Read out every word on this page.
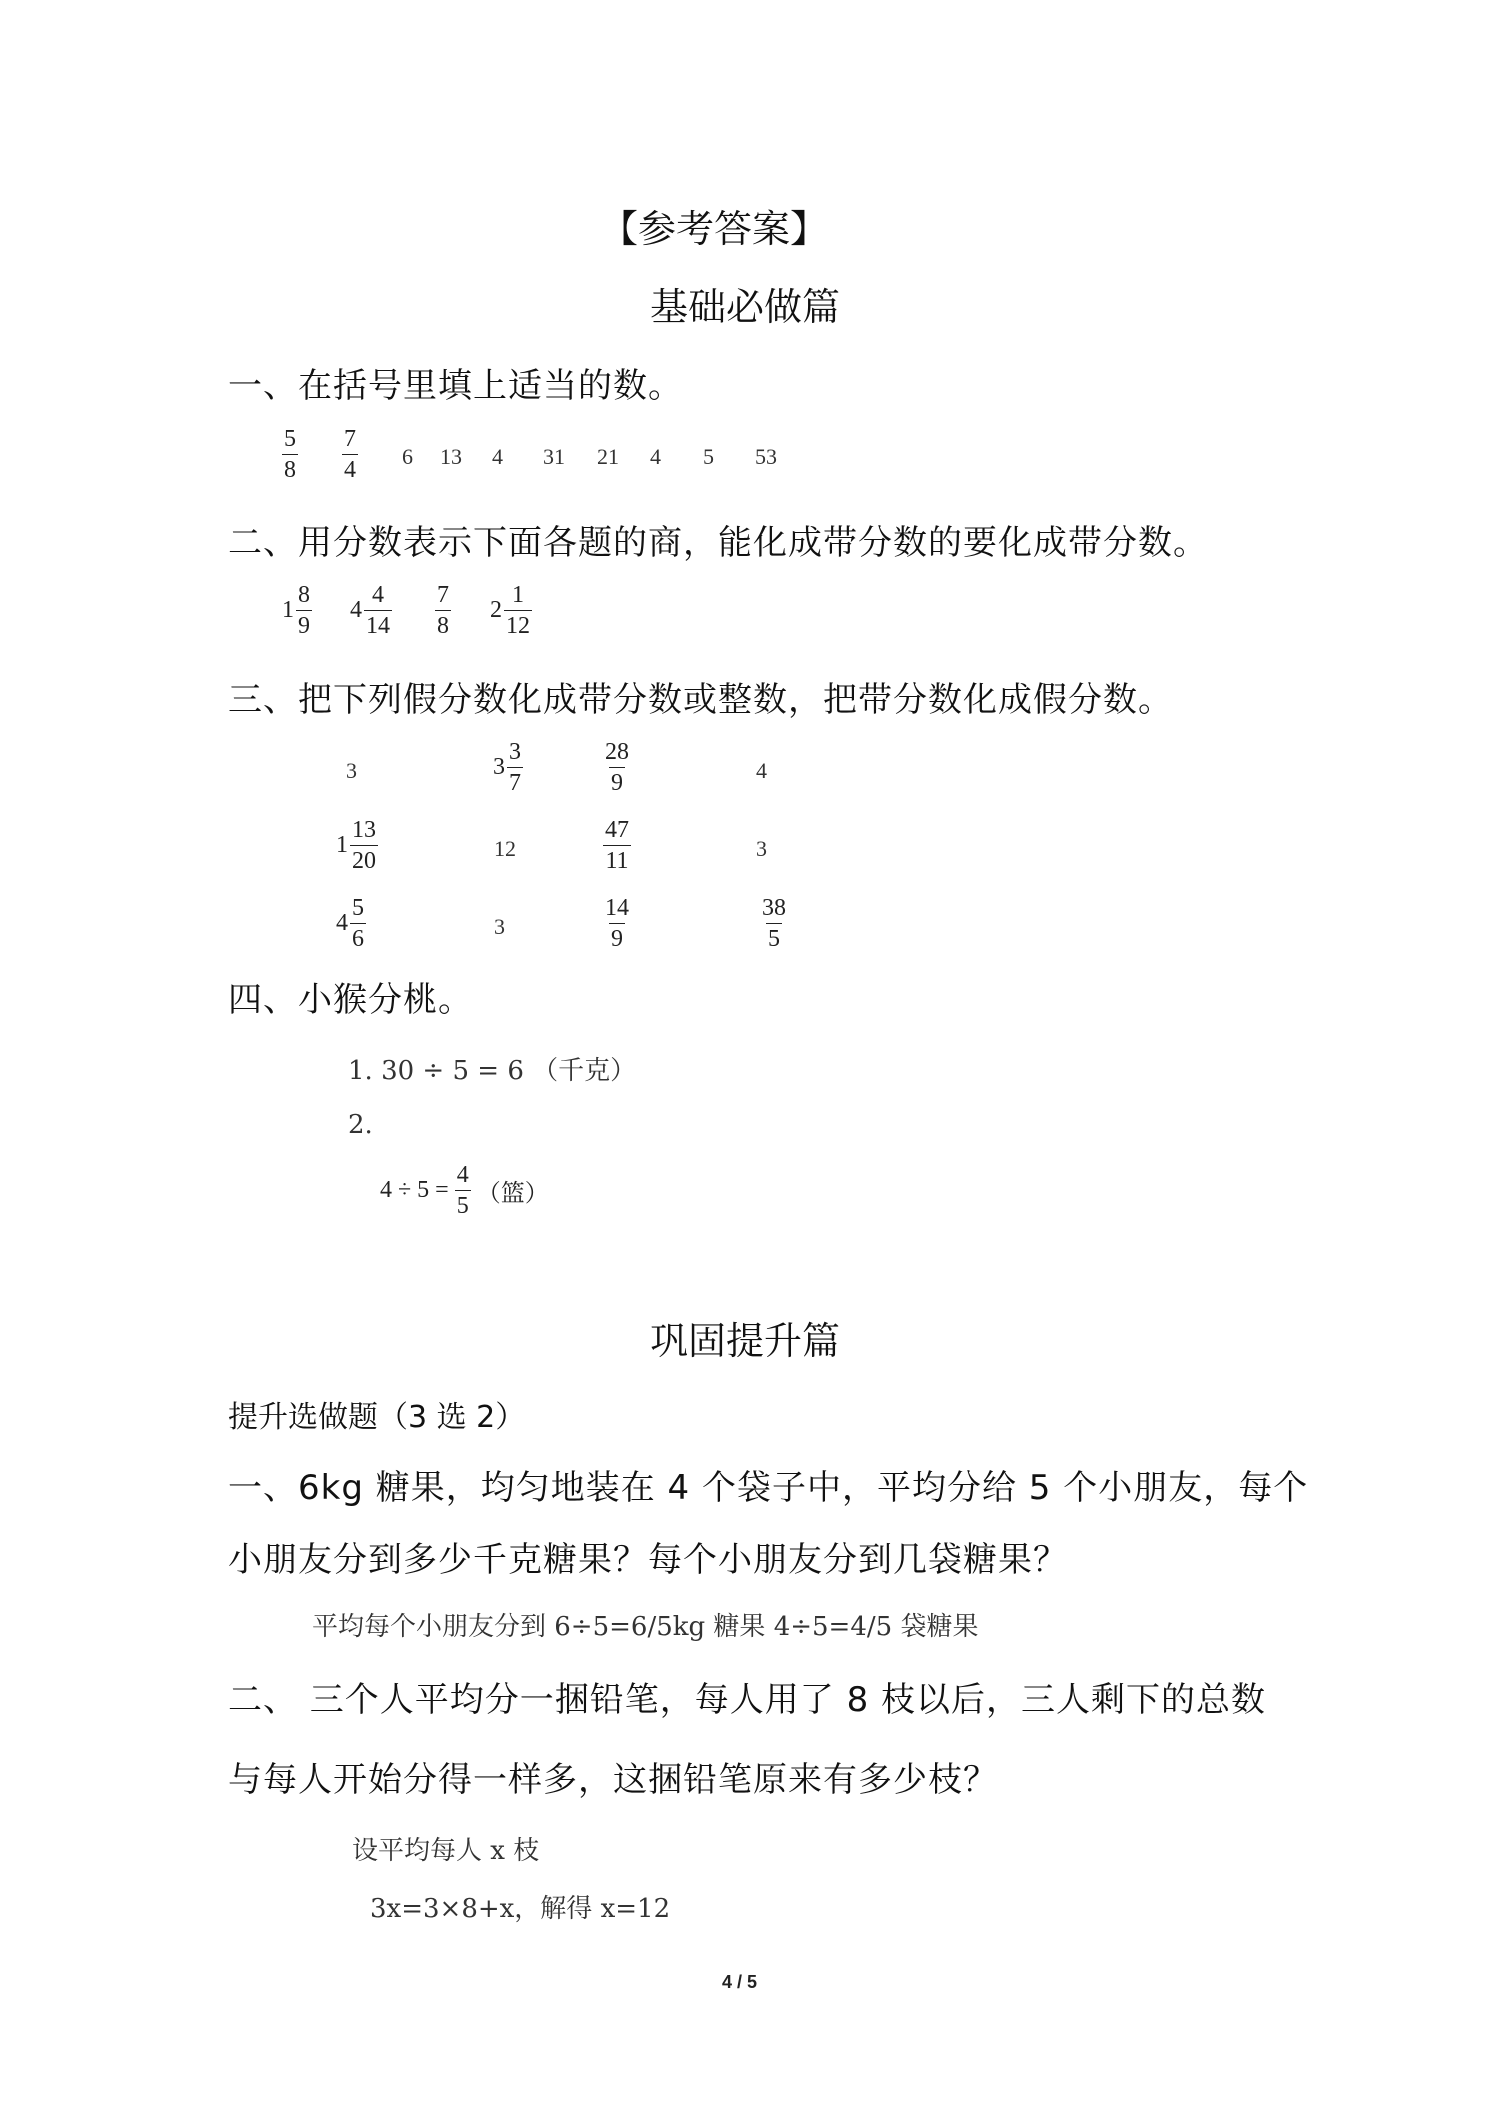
【参考答案】
基础必做篇
一、在括号里填上适当的数。
$\frac{5}{8} \frac{7}{4} 6$ 13 4 31 21 4 5 53
二、用分数表示下面各题的商，能化成带分数的要化成带分数。
$1 \frac{8}{9} 4 \frac{4}{14} \frac{7}{8} 2 \frac{1}{12}$
三、把下列假分数化成带分数或整数，把带分数化成假分数。
3	$3 \frac{3}{7}$	$\frac{28}{9}$	4
$1 \frac{13}{20}$	12	$\frac{47}{11}$	3
$4 \frac{5}{6}$	3	$\frac{14}{9}$	$\frac{38}{5}$
四、小猴分桃。
1. 30 ÷ 5 = 6 （千克）
2.
$4 \div 5 = \frac{4}{5}$ （篮）
巩固提升篇
提升选做题（3 选 2）
一、6kg 糖果，均匀地装在 4 个袋子中，平均分给 5 个小朋友，每个
小朋友分到多少千克糖果？每个小朋友分到几袋糖果？
平均每个小朋友分到 6÷5=6/5kg 糖果 4÷5=4/5 袋糖果
二、 三个人平均分一捆铅笔，每人用了 8 枝以后，三人剩下的总数
与每人开始分得一样多，这捆铅笔原来有多少枝？
设平均每人 x 枝
3x=3×8+x，解得 x=12
4 / 5
